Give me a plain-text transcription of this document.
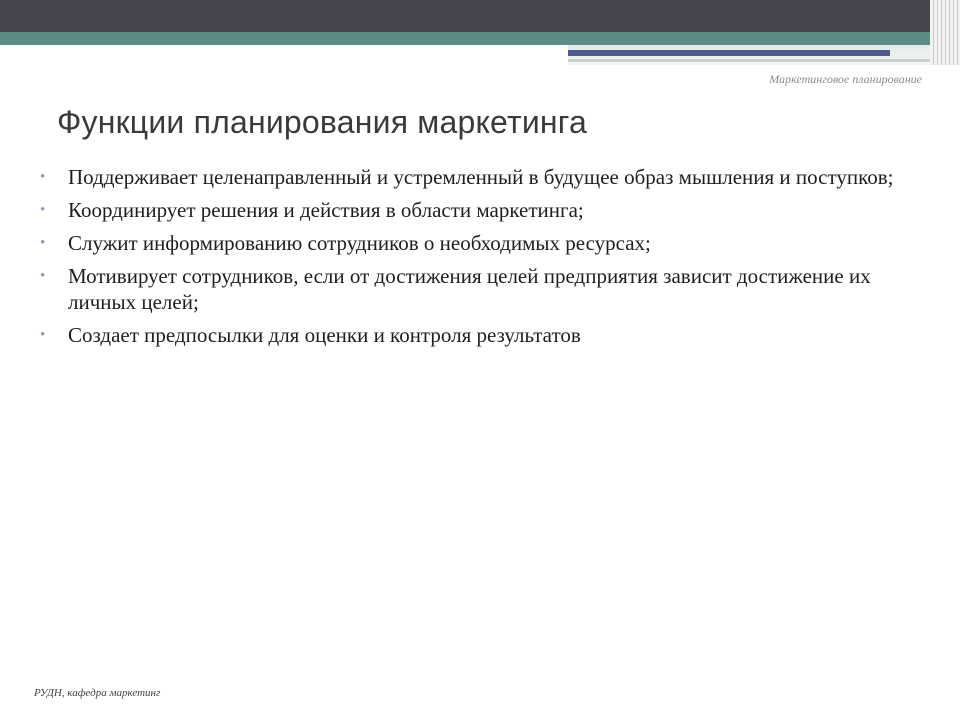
Маркетинговое планирование

Функции планирования маркетинга
• Поддерживает целенаправленный и устремленный в будущее образ мышления и поступков;
• Координирует решения и действия в области маркетинга;
• Служит информированию сотрудников о необходимых ресурсах;
• Мотивирует сотрудников, если от достижения целей предприятия зависит достижение их личных целей;
• Создает предпосылки для оценки и контроля результатов

РУДН, кафедра маркетинг
